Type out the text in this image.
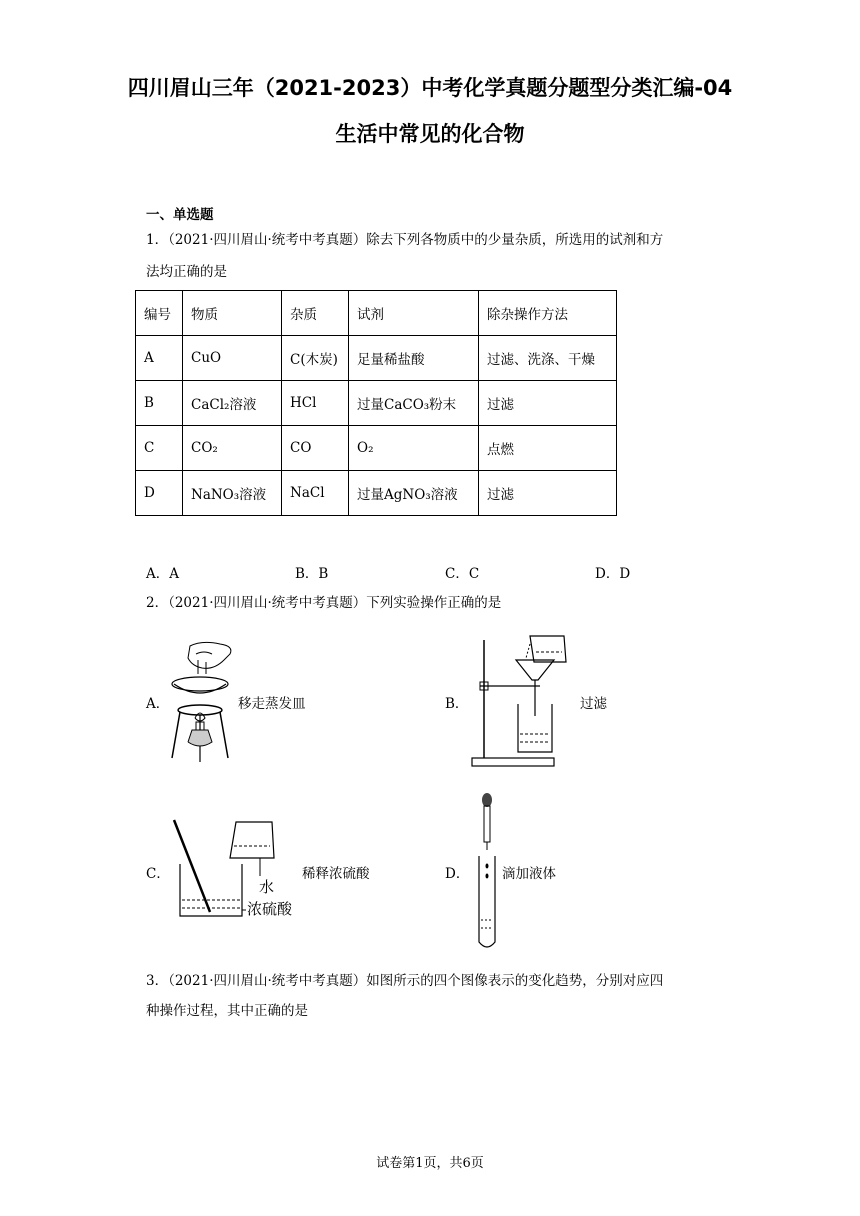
四川眉山三年（2021-2023）中考化学真题分题型分类汇编-04
生活中常见的化合物
一、单选题
1．（2021·四川眉山·统考中考真题）除去下列各物质中的少量杂质，所选用的试剂和方
法均正确的是
编号	物质	杂质	试剂	除杂操作方法
A	CuO	C(木炭)	足量稀盐酸	过滤、洗涤、干燥
B	CaCl₂溶液	HCl	过量CaCO₃粉末	过滤
C	CO₂	CO	O₂	点燃
D	NaNO₃溶液	NaCl	过量AgNO₃溶液	过滤
A．A	B．B	C．C	D．D
2．（2021·四川眉山·统考中考真题）下列实验操作正确的是
A．	移走蒸发皿	B．	过滤
C．
水
浓硫酸
稀释浓硫酸	D． 滴加液体
3．（2021·四川眉山·统考中考真题）如图所示的四个图像表示的变化趋势，分别对应四
种操作过程，其中正确的是
试卷第1页，共6页
